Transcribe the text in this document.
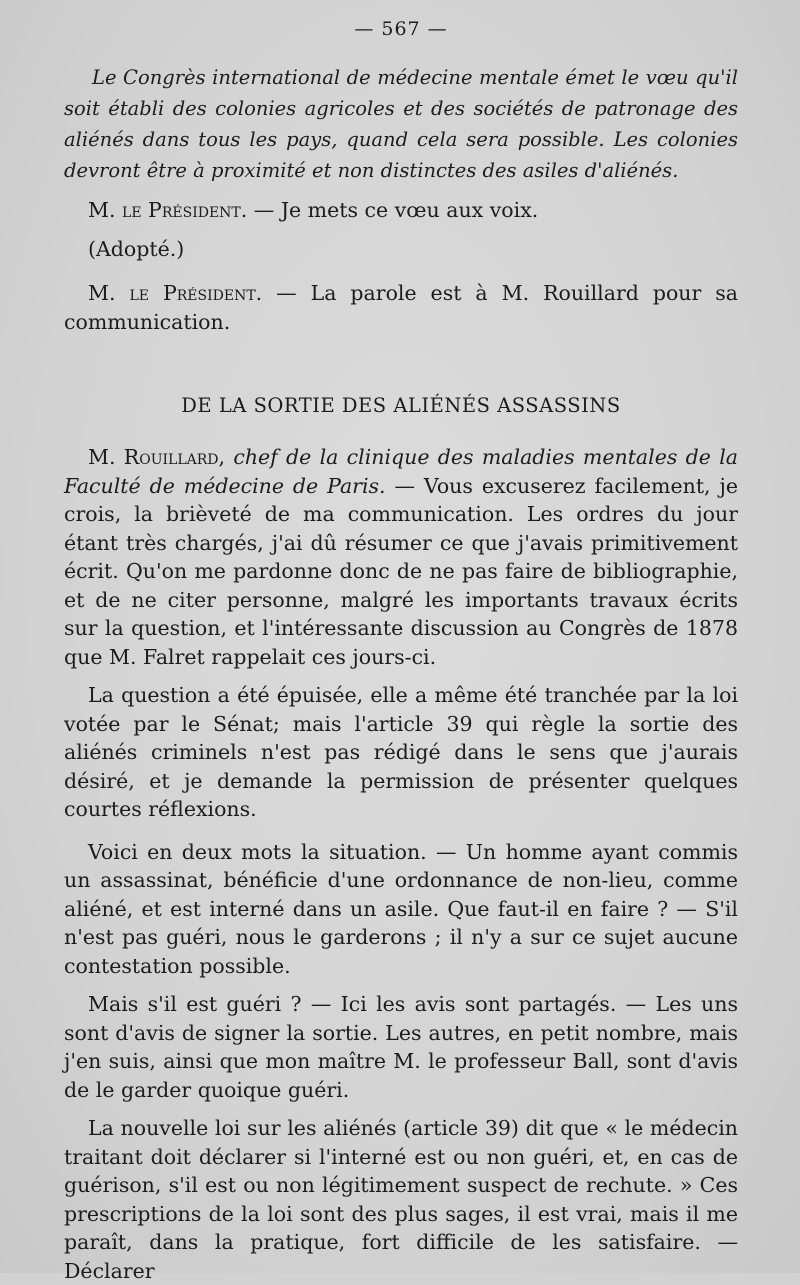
— 567 —

Le Congrès international de médecine mentale émet le vœu qu'il soit établi des colonies agricoles et des sociétés de patronage des aliénés dans tous les pays, quand cela sera possible. Les colonies devront être à proximité et non distinctes des asiles d'aliénés.

M. le Président. — Je mets ce vœu aux voix.

(Adopté.)

M. le Président. — La parole est à M. Rouillard pour sa communication.

DE LA SORTIE DES ALIÉNÉS ASSASSINS

M. Rouillard, chef de la clinique des maladies mentales de la Faculté de médecine de Paris. — Vous excuserez facilement, je crois, la brièveté de ma communication. Les ordres du jour étant très chargés, j'ai dû résumer ce que j'avais primitivement écrit. Qu'on me pardonne donc de ne pas faire de bibliographie, et de ne citer personne, malgré les importants travaux écrits sur la question, et l'intéressante discussion au Congrès de 1878 que M. Falret rappelait ces jours-ci.

La question a été épuisée, elle a même été tranchée par la loi votée par le Sénat; mais l'article 39 qui règle la sortie des aliénés criminels n'est pas rédigé dans le sens que j'aurais désiré, et je demande la permission de présenter quelques courtes réflexions.

Voici en deux mots la situation. — Un homme ayant commis un assassinat, bénéficie d'une ordonnance de non-lieu, comme aliéné, et est interné dans un asile. Que faut-il en faire ? — S'il n'est pas guéri, nous le garderons ; il n'y a sur ce sujet aucune contestation possible.

Mais s'il est guéri ? — Ici les avis sont partagés. — Les uns sont d'avis de signer la sortie. Les autres, en petit nombre, mais j'en suis, ainsi que mon maître M. le professeur Ball, sont d'avis de le garder quoique guéri.

La nouvelle loi sur les aliénés (article 39) dit que « le médecin traitant doit déclarer si l'interné est ou non guéri, et, en cas de guérison, s'il est ou non légitimement suspect de rechute. » Ces prescriptions de la loi sont des plus sages, il est vrai, mais il me paraît, dans la pratique, fort difficile de les satisfaire. — Déclarer
